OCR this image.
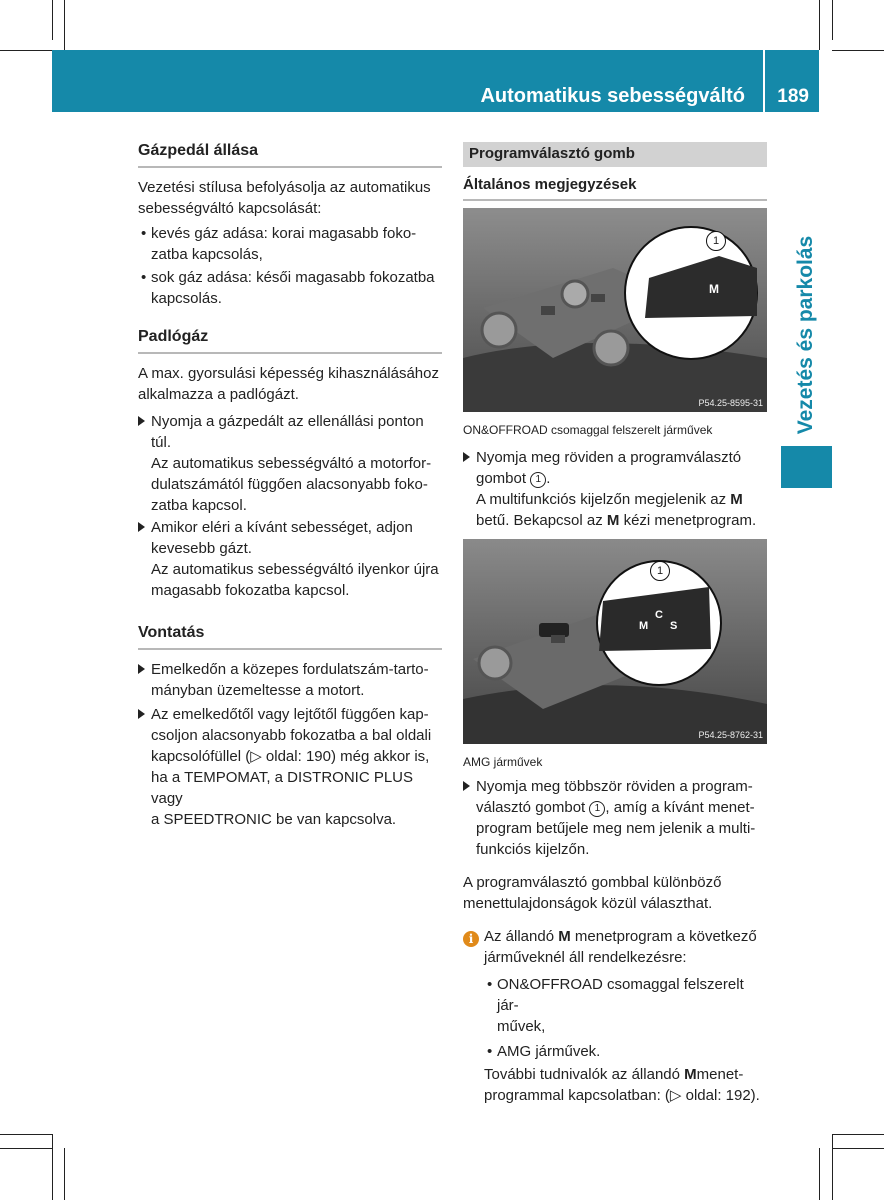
Automatikus sebességváltó 189
Vezetés és parkolás
Gázpedál állása

Vezetési stílusa befolyásolja az automatikus

sebességváltó kapcsolását:

• kevés gáz adása: korai magasabb foko-

zatba kapcsolás,

• sok gáz adása: késői magasabb fokozatba

kapcsolás.

Padlógáz

A max. gyorsulási képesség kihasználásához

alkalmazza a padlógázt.

Nyomja a gázpedált az ellenállási ponton

túl.

Az automatikus sebességváltó a motorfor-

dulatszámától függően alacsonyabb foko-

zatba kapcsol.

Amikor eléri a kívánt sebességet, adjon

kevesebb gázt.

Az automatikus sebességváltó ilyenkor újra

magasabb fokozatba kapcsol.

Vontatás

Emelkedőn a közepes fordulatszám-tarto-

mányban üzemeltesse a motort.

Az emelkedőtől vagy lejtőtől függően kap-

csoljon alacsonyabb fokozatba a bal oldali

kapcsolófüllel (▷ oldal: 190) még akkor is,

ha a TEMPOMAT, a DISTRONIC PLUS vagy

a SPEEDTRONIC be van kapcsolva.

Programválasztó gomb
Általános megjegyzések
1
M
P54.25-8595-31
ON&OFFROAD csomaggal felszerelt járművek

Nyomja meg röviden a programválasztó

gombot 1 .

A multifunkciós kijelzőn megjelenik az M

betű. Bekapcsol az M kézi menetprogram.

1
C
M S
P54.25-8762-31
AMG járművek

Nyomja meg többször röviden a program-

választó gombot 1 , amíg a kívánt menet-

program betűjele meg nem jelenik a multi-

funkciós kijelzőn.

A programválasztó gombbal különböző

menettulajdonságok közül választhat.

i Az állandó M menetprogram a következő

járműveknél áll rendelkezésre:

• ON&OFFROAD csomaggal felszerelt jár-

művek,

• AMG járművek.

További tudnivalók az állandó Mmenet-

programmal kapcsolatban: (▷ oldal: 192).
